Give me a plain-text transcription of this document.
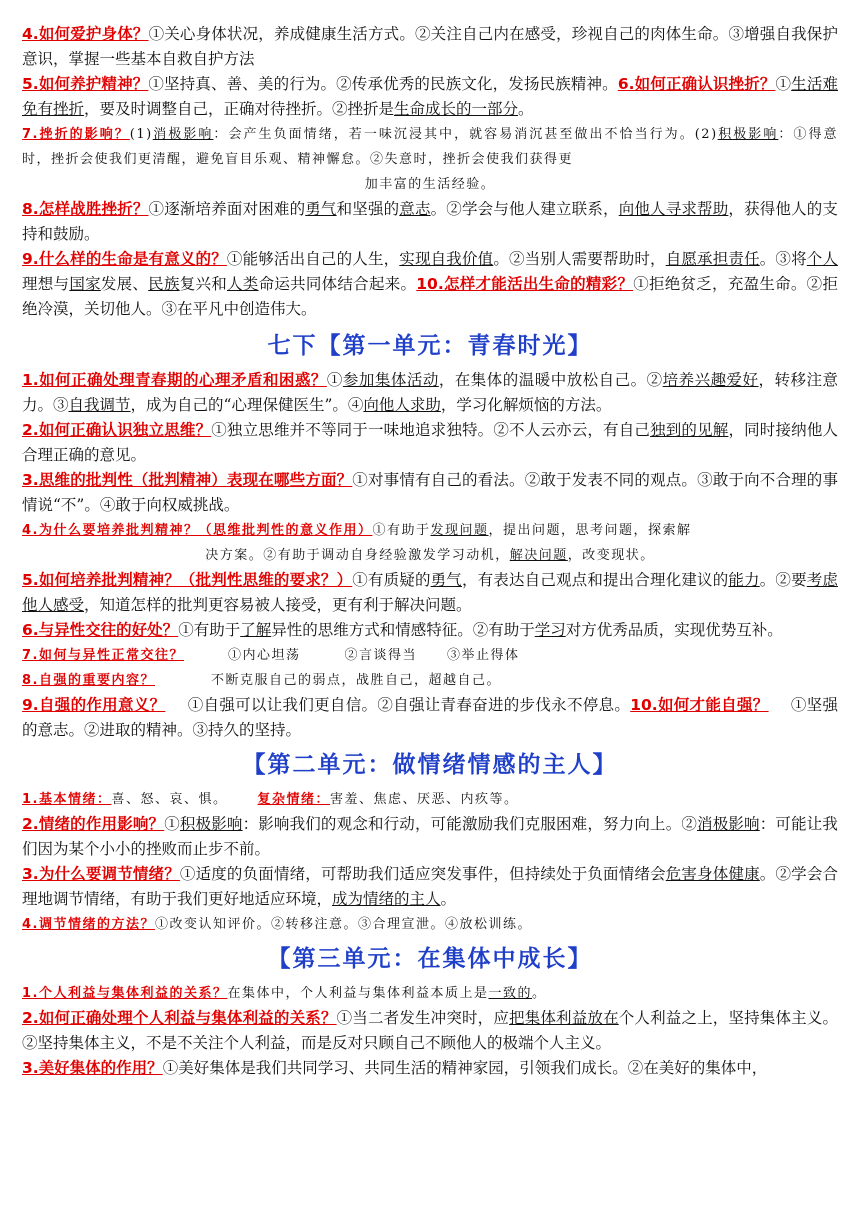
4.如何爱护身体？①关心身体状况，养成健康生活方式。②关注自己内在感受，珍视自己的肉体生命。③增强自我保护意识，掌握一些基本自救自护方法

5.如何养护精神？①坚持真、善、美的行为。②传承优秀的民族文化，发扬民族精神。6.如何正确认识挫折？①生活难免有挫折，要及时调整自己，正确对待挫折。②挫折是生命成长的一部分。

7.挫折的影响？(1)消极影响：会产生负面情绪，若一味沉浸其中，就容易消沉甚至做出不恰当行为。(2)积极影响：①得意时，挫折会使我们更清醒，避免盲目乐观、精神懈怠。②失意时，挫折会使我们获得更

加丰富的生活经验。

8.怎样战胜挫折？①逐渐培养面对困难的勇气和坚强的意志。②学会与他人建立联系，向他人寻求帮助，获得他人的支持和鼓励。

9.什么样的生命是有意义的？①能够活出自己的人生，实现自我价值。②当别人需要帮助时，自愿承担责任。③将个人理想与国家发展、民族复兴和人类命运共同体结合起来。10.怎样才能活出生命的精彩？①拒绝贫乏，充盈生命。②拒绝冷漠，关切他人。③在平凡中创造伟大。

七下【第一单元：青春时光】

1.如何正确处理青春期的心理矛盾和困惑？①参加集体活动，在集体的温暖中放松自己。②培养兴趣爱好，转移注意力。③自我调节，成为自己的“心理保健医生”。④向他人求助，学习化解烦恼的方法。

2.如何正确认识独立思维？①独立思维并不等同于一味地追求独特。②不人云亦云，有自己独到的见解，同时接纳他人合理正确的意见。

3.思维的批判性（批判精神）表现在哪些方面？①对事情有自己的看法。②敢于发表不同的观点。③敢于向不合理的事情说“不”。④敢于向权威挑战。

4.为什么要培养批判精神？（思维批判性的意义作用）①有助于发现问题，提出问题，思考问题，探索解

决方案。②有助于调动自身经验激发学习动机，解决问题，改变现状。

5.如何培养批判精神？（批判性思维的要求？）①有质疑的勇气，有表达自己观点和提出合理化建议的能力。②要考虑他人感受，知道怎样的批判更容易被人接受，更有利于解决问题。

6.与异性交往的好处？①有助于了解异性的思维方式和情感特征。②有助于学习对方优秀品质，实现优势互补。

7.如何与异性正常交往？	①内心坦荡	②言谈得当 ③举止得体

8.自强的重要内容？	不断克服自己的弱点，战胜自己，超越自己。

9.自强的作用意义？ ①自强可以让我们更自信。②自强让青春奋进的步伐永不停息。10.如何才能自强？ ①坚强的意志。②进取的精神。③持久的坚持。

【第二单元：做情绪情感的主人】

1.基本情绪：喜、怒、哀、惧。 复杂情绪：害羞、焦虑、厌恶、内疚等。

2.情绪的作用影响？①积极影响：影响我们的观念和行动，可能激励我们克服困难，努力向上。②消极影响：可能让我们因为某个小小的挫败而止步不前。

3.为什么要调节情绪？①适度的负面情绪，可帮助我们适应突发事件，但持续处于负面情绪会危害身体健康。②学会合理地调节情绪，有助于我们更好地适应环境，成为情绪的主人。

4.调节情绪的方法？①改变认知评价。②转移注意。③合理宣泄。④放松训练。

【第三单元：在集体中成长】

1.个人利益与集体利益的关系？在集体中，个人利益与集体利益本质上是一致的。

2.如何正确处理个人利益与集体利益的关系？①当二者发生冲突时，应把集体利益放在个人利益之上，坚持集体主义。②坚持集体主义，不是不关注个人利益，而是反对只顾自己不顾他人的极端个人主义。

3.美好集体的作用？①美好集体是我们共同学习、共同生活的精神家园，引领我们成长。②在美好的集体中，
